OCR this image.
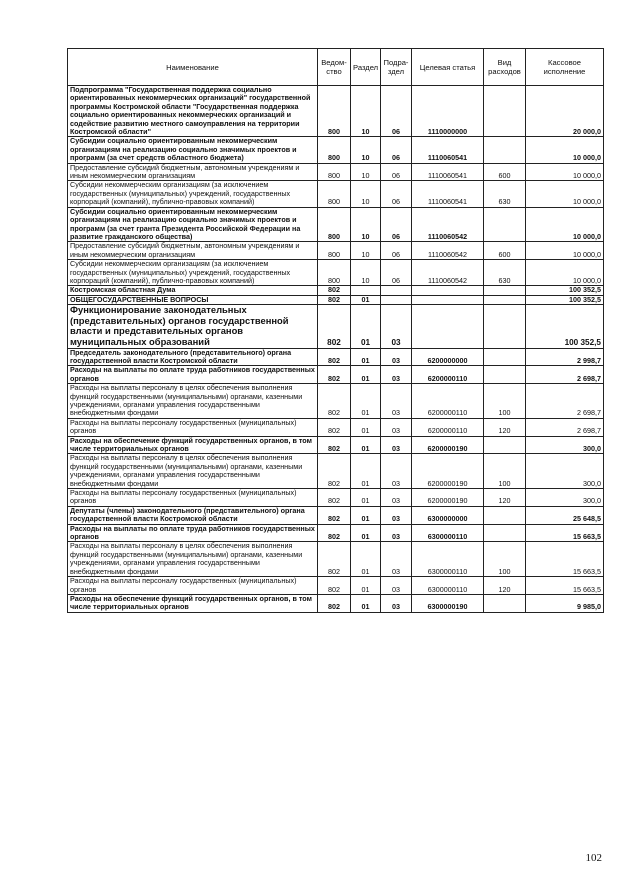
Наименование	Ведом-ство	Раздел	Подра-здел	Целевая статья	Вид расходов	Кассовое исполнение
Подпрограмма "Государственная поддержка социально ориентированных некоммерческих организаций" государственной программы Костромской области "Государственная поддержка социально ориентированных некоммерческих организаций и содействие развитию местного самоуправления на территории Костромской области"	800	10	06	1110000000		20 000,0
Субсидии социально ориентированным некоммерческим организациям на реализацию социально значимых проектов и программ (за счет средств областного бюджета)	800	10	06	1110060541		10 000,0
Предоставление субсидий бюджетным, автономным учреждениям и иным некоммерческим организациям	800	10	06	1110060541	600	10 000,0
Субсидии некоммерческим организациям (за исключением государственных (муниципальных) учреждений, государственных корпораций (компаний), публично-правовых компаний)	800	10	06	1110060541	630	10 000,0
Субсидии социально ориентированным некоммерческим организациям на реализацию социально значимых проектов и программ (за счет гранта Президента Российской Федерации на развитие гражданского общества)	800	10	06	1110060542		10 000,0
Предоставление субсидий бюджетным, автономным учреждениям и иным некоммерческим организациям	800	10	06	1110060542	600	10 000,0
Субсидии некоммерческим организациям (за исключением государственных (муниципальных) учреждений, государственных корпораций (компаний), публично-правовых компаний)	800	10	06	1110060542	630	10 000,0
Костромская областная Дума	802					100 352,5
ОБЩЕГОСУДАРСТВЕННЫЕ ВОПРОСЫ	802	01				100 352,5
Функционирование законодательных (представительных) органов государственной власти и представительных органов муниципальных образований	802	01	03			100 352,5
Председатель законодательного (представительного) органа государственной власти Костромской области	802	01	03	6200000000		2 998,7
Расходы на выплаты по оплате труда работников государственных органов	802	01	03	6200000110		2 698,7
Расходы на выплаты персоналу в целях обеспечения выполнения функций государственными (муниципальными) органами, казенными учреждениями, органами управления государственными внебюджетными фондами	802	01	03	6200000110	100	2 698,7
Расходы на выплаты персоналу государственных (муниципальных) органов	802	01	03	6200000110	120	2 698,7
Расходы на обеспечение функций государственных органов, в том числе территориальных органов	802	01	03	6200000190		300,0
Расходы на выплаты персоналу в целях обеспечения выполнения функций государственными (муниципальными) органами, казенными учреждениями, органами управления государственными внебюджетными фондами	802	01	03	6200000190	100	300,0
Расходы на выплаты персоналу государственных (муниципальных) органов	802	01	03	6200000190	120	300,0
Депутаты (члены) законодательного (представительного) органа государственной власти Костромской области	802	01	03	6300000000		25 648,5
Расходы на выплаты по оплате труда работников государственных органов	802	01	03	6300000110		15 663,5
Расходы на выплаты персоналу в целях обеспечения выполнения функций государственными (муниципальными) органами, казенными учреждениями, органами управления государственными внебюджетными фондами	802	01	03	6300000110	100	15 663,5
Расходы на выплаты персоналу государственных (муниципальных) органов	802	01	03	6300000110	120	15 663,5
Расходы на обеспечение функций государственных органов, в том числе территориальных органов	802	01	03	6300000190		9 985,0
102
